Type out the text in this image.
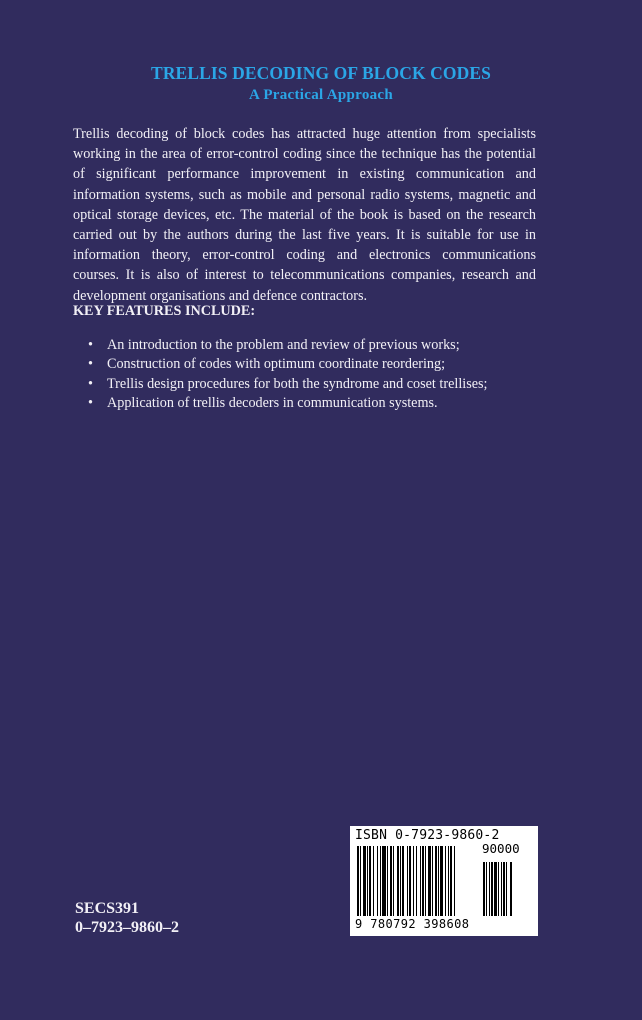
TRELLIS DECODING OF BLOCK CODES
A Practical Approach

Trellis decoding of block codes has attracted huge attention from specialists working in the area of error-control coding since the technique has the potential of significant performance improvement in existing communication and information systems, such as mobile and personal radio systems, magnetic and optical storage devices, etc. The material of the book is based on the research carried out by the authors during the last five years. It is suitable for use in information theory, error-control coding and electronics communications courses. It is also of interest to telecommunications companies, research and development organisations and defence contractors.

KEY FEATURES INCLUDE:

• An introduction to the problem and review of previous works;
• Construction of codes with optimum coordinate reordering;
• Trellis design procedures for both the syndrome and coset trellises;
• Application of trellis decoders in communication systems.
ISBN 0-7923-9860-2
90000
9 780792 398608
SECS391
0–7923–9860–2
